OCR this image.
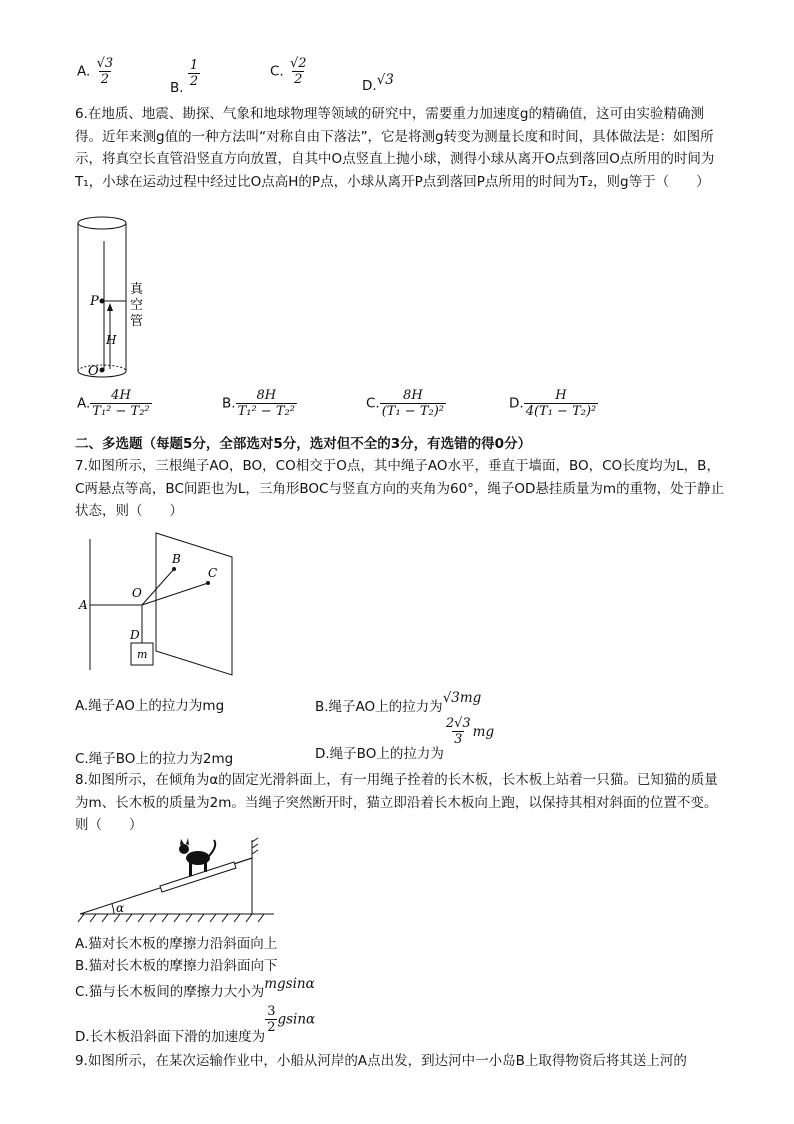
A. $\frac{√3}{2}$
B. $\frac{1}{2}$	C. $\frac{√2}{2}$	D.√3
6.在地质、地震、勘探、气象和地球物理等领域的研究中，需要重力加速度g的精确值，这可由实验精确测得。近年来测g值的一种方法叫“对称自由下落法”，它是将测g转变为测量长度和时间，具体做法是：如图所示，将真空长直管沿竖直方向放置，自其中O点竖直上抛小球，测得小球从离开O点到落回O点所用的时间为T₁，小球在运动过程中经过比O点高H的P点，小球从离开P点到落回P点所用的时间为T₂，则g等于（　　）
P
H
O
真
空
管
A. $\frac{4H}{\text{T₁² − T₂²}}$	B. $\frac{8H}{\text{T₁² − T₂²}}$	C. $\frac{8H}{\text{(T₁ − T₂)²}}$	D. $\frac{H}{\text{4(T₁ − T₂)²}}$
二、多选题（每题5分，全部选对5分，选对但不全的3分，有选错的得0分）
7.如图所示，三根绳子AO，BO，CO相交于O点，其中绳子AO水平，垂直于墙面，BO，CO长度均为L，B，C两悬点等高，BC间距也为L，三角形BOC与竖直方向的夹角为60°，绳子OD悬挂质量为m的重物，处于静止状态，则（　　）
A
O
B
C
D
m
A.绳子AO上的拉力为mg	B.绳子AO上的拉力为√3mg
C.绳子BO上的拉力为2mg	D.绳子BO上的拉力为
$\frac{2√3}{3}$ mg
8.如图所示，在倾角为α的固定光滑斜面上，有一用绳子拴着的长木板，长木板上站着一只猫。已知猫的质量为m、长木板的质量为2m。当绳子突然断开时，猫立即沿着长木板向上跑，以保持其相对斜面的位置不变。则（　　）
α
A.猫对长木板的摩擦力沿斜面向上
B.猫对长木板的摩擦力沿斜面向下
C.猫与长木板间的摩擦力大小为mgsinα
D.长木板沿斜面下滑的加速度为
$\frac{3}{2}$ gsinα
9.如图所示，在某次运输作业中，小船从河岸的A点出发，到达河中一小岛B上取得物资后将其送上河的
